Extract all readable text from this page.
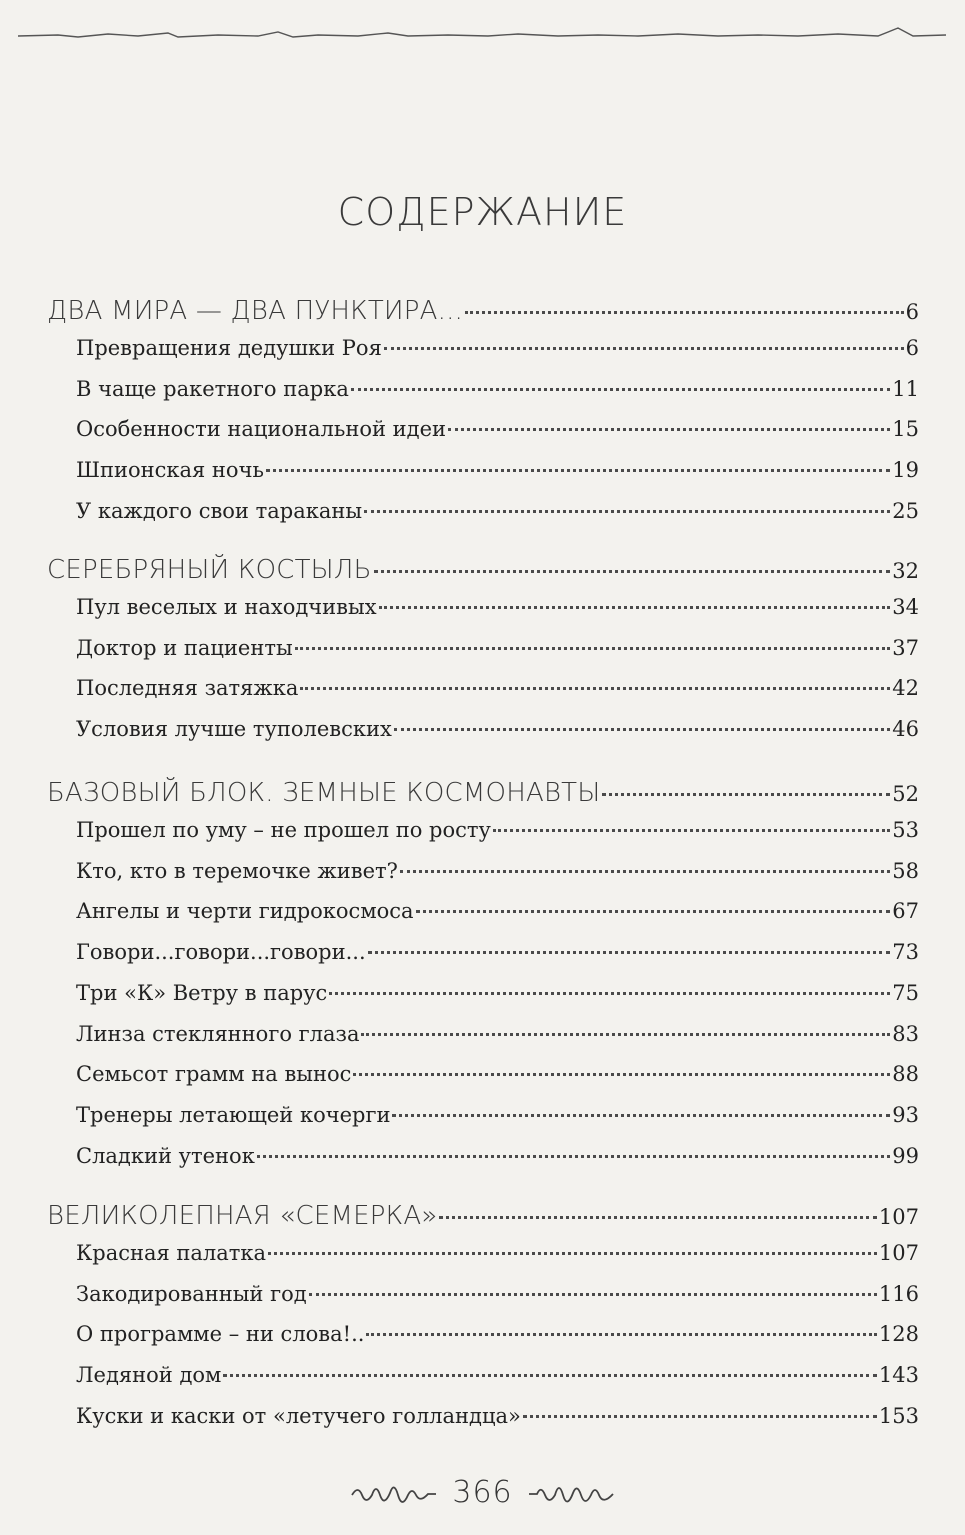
СОДЕРЖАНИЕ
ДВА МИРА — ДВА ПУНКТИРА...	6
Превращения дедушки Роя	6
В чаще ракетного парка	11
Особенности национальной идеи	15
Шпионская ночь	19
У каждого свои тараканы	25
СЕРЕБРЯНЫЙ КОСТЫЛЬ	32
Пул веселых и находчивых	34
Доктор и пациенты	37
Последняя затяжка	42
Условия лучше туполевских	46
БАЗОВЫЙ БЛОК. ЗЕМНЫЕ КОСМОНАВТЫ	52
Прошел по уму – не прошел по росту	53
Кто, кто в теремочке живет?	58
Ангелы и черти гидрокосмоса	67
Говори...говори...говори...	73
Три «К» Ветру в парус	75
Линза стеклянного глаза	83
Семьсот грамм на вынос	88
Тренеры летающей кочерги	93
Сладкий утенок	99
ВЕЛИКОЛЕПНАЯ «СЕМЕРКА»	107
Красная палатка	107
Закодированный год	116
О программе – ни слова!..	128
Ледяной дом	143
Куски и каски от «летучего голландца»	153
366
